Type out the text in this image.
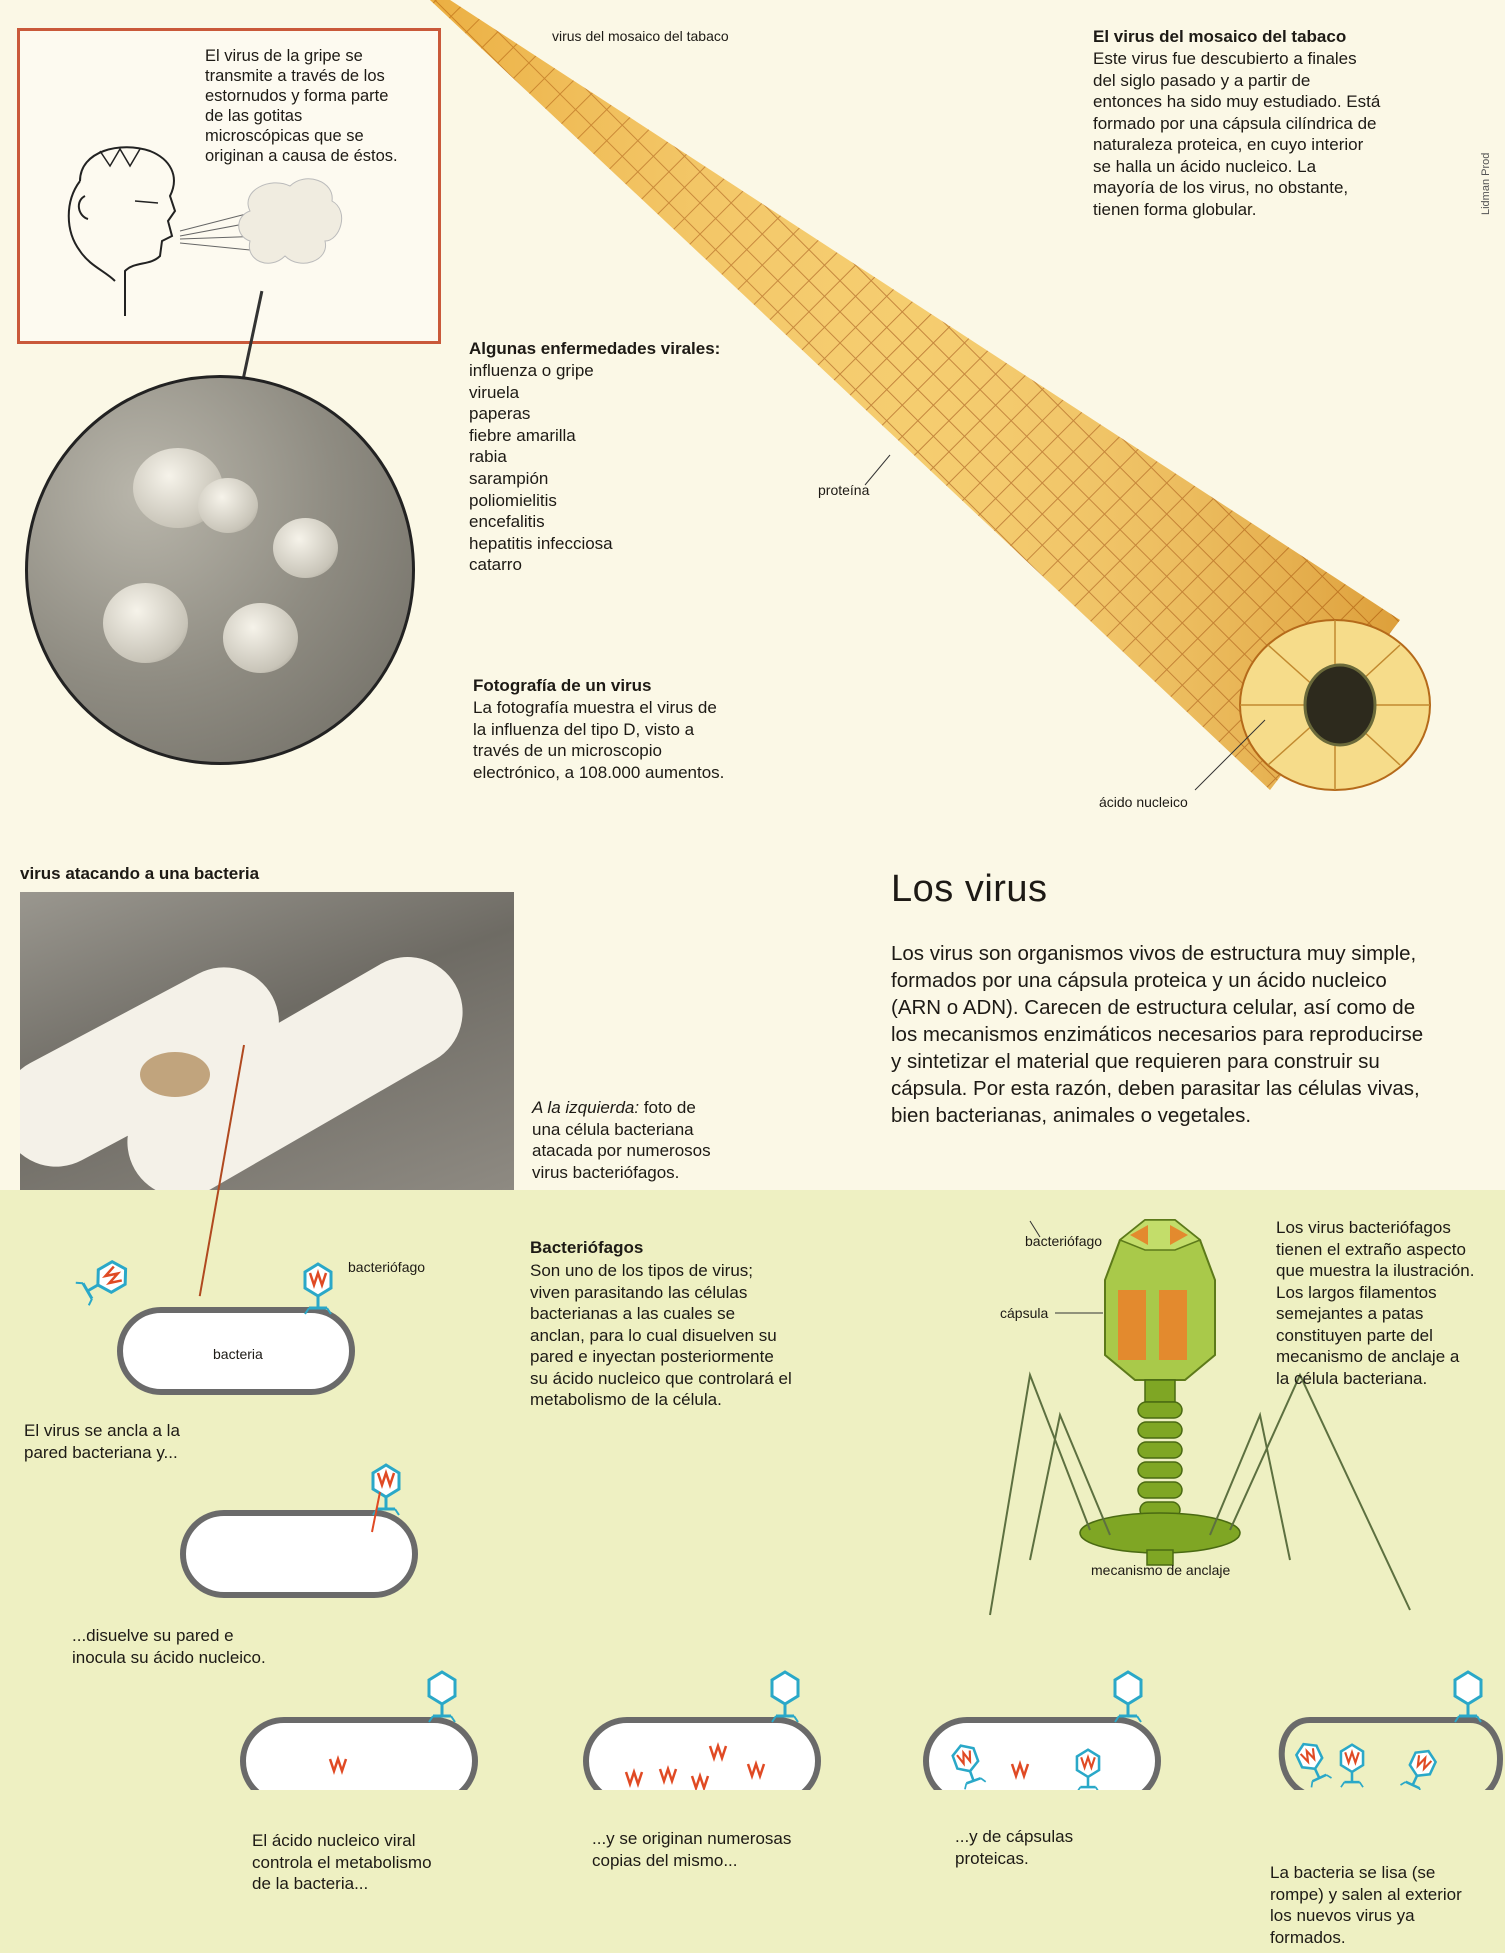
El virus de la gripe se
transmite a través de los
estornudos y forma parte
de las gotitas
microscópicas que se
originan a causa de éstos.
virus del mosaico del tabaco
proteína
ácido nucleico
Lidman Prod
El virus del mosaico del tabaco
Este virus fue descubierto a finales
del siglo pasado y a partir de
entonces ha sido muy estudiado. Está
formado por una cápsula cilíndrica de
naturaleza proteica, en cuyo interior
se halla un ácido nucleico. La
mayoría de los virus, no obstante,
tienen forma globular.
Algunas enfermedades virales:
influenza o gripe
viruela
paperas
fiebre amarilla
rabia
sarampión
poliomielitis
encefalitis
hepatitis infecciosa
catarro
Fotografía de un virus
La fotografía muestra el virus de
la influenza del tipo D, visto a
través de un microscopio
electrónico, a 108.000 aumentos.
virus atacando a una bacteria
A la izquierda: foto de
una célula bacteriana
atacada por numerosos
virus bacteriófagos.
Los virus
Los virus son organismos vivos de estructura muy simple,
formados por una cápsula proteica y un ácido nucleico
(ARN o ADN). Carecen de estructura celular, así como de
los mecanismos enzimáticos necesarios para reproducirse
y sintetizar el material que requieren para construir su
cápsula. Por esta razón, deben parasitar las células vivas,
bien bacterianas, animales o vegetales.
Bacteriófagos
Son uno de los tipos de virus;
viven parasitando las células
bacterianas a las cuales se
anclan, para lo cual disuelven su
pared e inyectan posteriormente
su ácido nucleico que controlará el
metabolismo de la célula.
bacteriófago
cápsula
mecanismo de anclaje
Los virus bacteriófagos
tienen el extraño aspecto
que muestra la ilustración.
Los largos filamentos
semejantes a patas
constituyen parte del
mecanismo de anclaje a
la célula bacteriana.
bacteriófago
bacteria
El virus se ancla a la
pared bacteriana y...
...disuelve su pared e
inocula su ácido nucleico.
El ácido nucleico viral
controla el metabolismo
de la bacteria...
...y se originan numerosas
copias del mismo...
...y de cápsulas
proteicas.
La bacteria se lisa (se
rompe) y salen al exterior
los nuevos virus ya
formados.
